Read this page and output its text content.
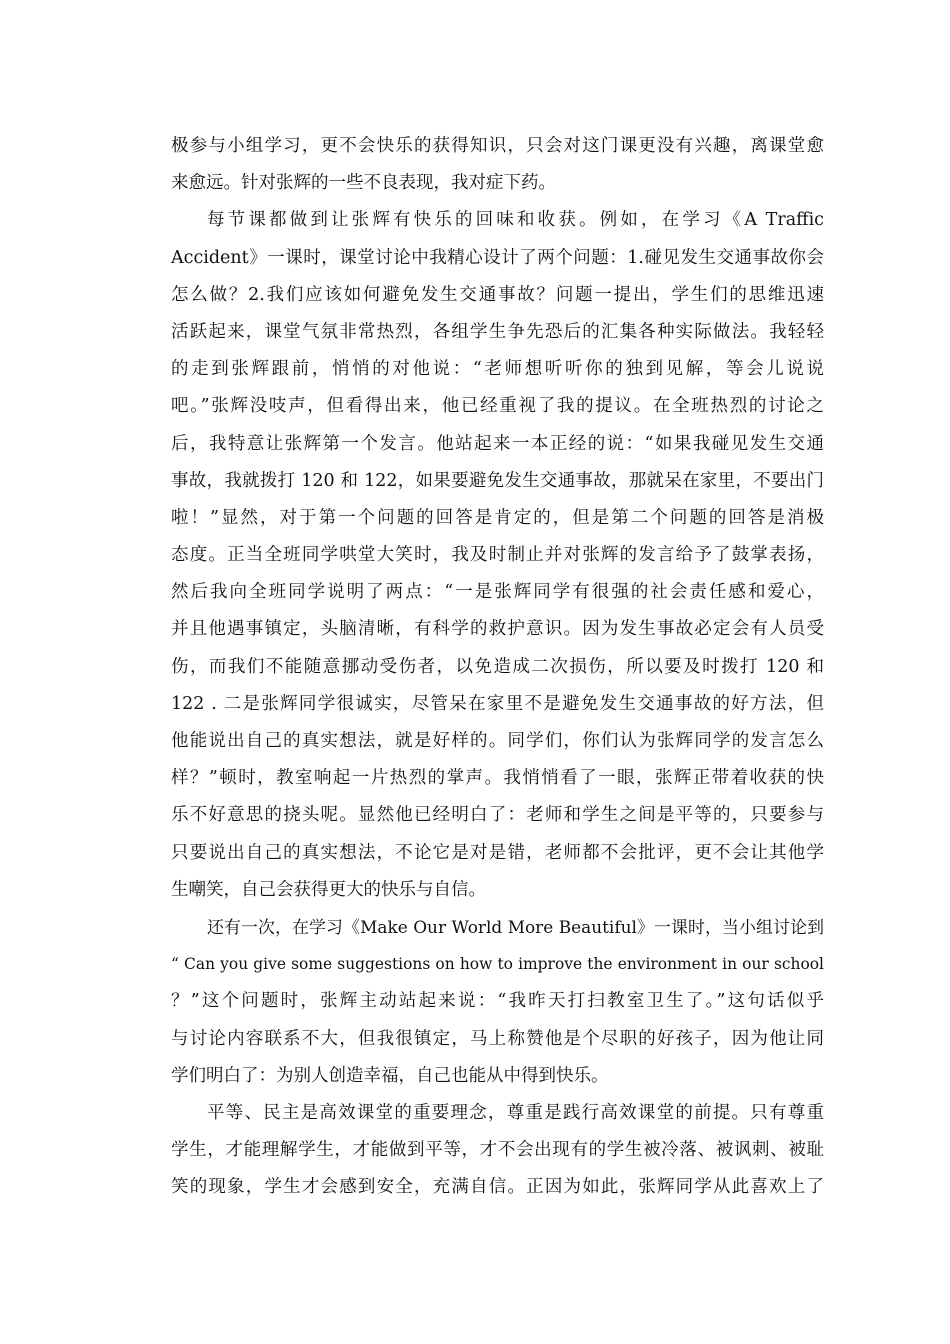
极参与小组学习，更不会快乐的获得知识，只会对这门课更没有兴趣，离课堂愈
来愈远。针对张辉的一些不良表现，我对症下药。
每节课都做到让张辉有快乐的回味和收获。例如，在学习《A Traffic
Accident》一课时，课堂讨论中我精心设计了两个问题：1.碰见发生交通事故你会
怎么做？2.我们应该如何避免发生交通事故？问题一提出，学生们的思维迅速
活跃起来，课堂气氛非常热烈，各组学生争先恐后的汇集各种实际做法。我轻轻
的走到张辉跟前，悄悄的对他说：“老师想听听你的独到见解，等会儿说说
吧。”张辉没吱声，但看得出来，他已经重视了我的提议。在全班热烈的讨论之
后，我特意让张辉第一个发言。他站起来一本正经的说：“如果我碰见发生交通
事故，我就拨打 120 和 122，如果要避免发生交通事故，那就呆在家里，不要出门
啦！”显然，对于第一个问题的回答是肯定的，但是第二个问题的回答是消极
态度。正当全班同学哄堂大笑时，我及时制止并对张辉的发言给予了鼓掌表扬，
然后我向全班同学说明了两点：“一是张辉同学有很强的社会责任感和爱心，
并且他遇事镇定，头脑清晰，有科学的救护意识。因为发生事故必定会有人员受
伤，而我们不能随意挪动受伤者，以免造成二次损伤，所以要及时拨打 120 和
122 . 二是张辉同学很诚实，尽管呆在家里不是避免发生交通事故的好方法，但
他能说出自己的真实想法，就是好样的。同学们，你们认为张辉同学的发言怎么
样？”顿时，教室响起一片热烈的掌声。我悄悄看了一眼，张辉正带着收获的快
乐不好意思的挠头呢。显然他已经明白了：老师和学生之间是平等的，只要参与
只要说出自己的真实想法，不论它是对是错，老师都不会批评，更不会让其他学
生嘲笑，自己会获得更大的快乐与自信。
还有一次，在学习《Make Our World More Beautiful》一课时，当小组讨论到
“ Can you give some suggestions on how to improve the environment in our school
？”这个问题时，张辉主动站起来说：“我昨天打扫教室卫生了。”这句话似乎
与讨论内容联系不大，但我很镇定，马上称赞他是个尽职的好孩子，因为他让同
学们明白了：为别人创造幸福，自己也能从中得到快乐。
平等、民主是高效课堂的重要理念，尊重是践行高效课堂的前提。只有尊重
学生，才能理解学生，才能做到平等，才不会出现有的学生被冷落、被讽刺、被耻
笑的现象，学生才会感到安全，充满自信。正因为如此，张辉同学从此喜欢上了
